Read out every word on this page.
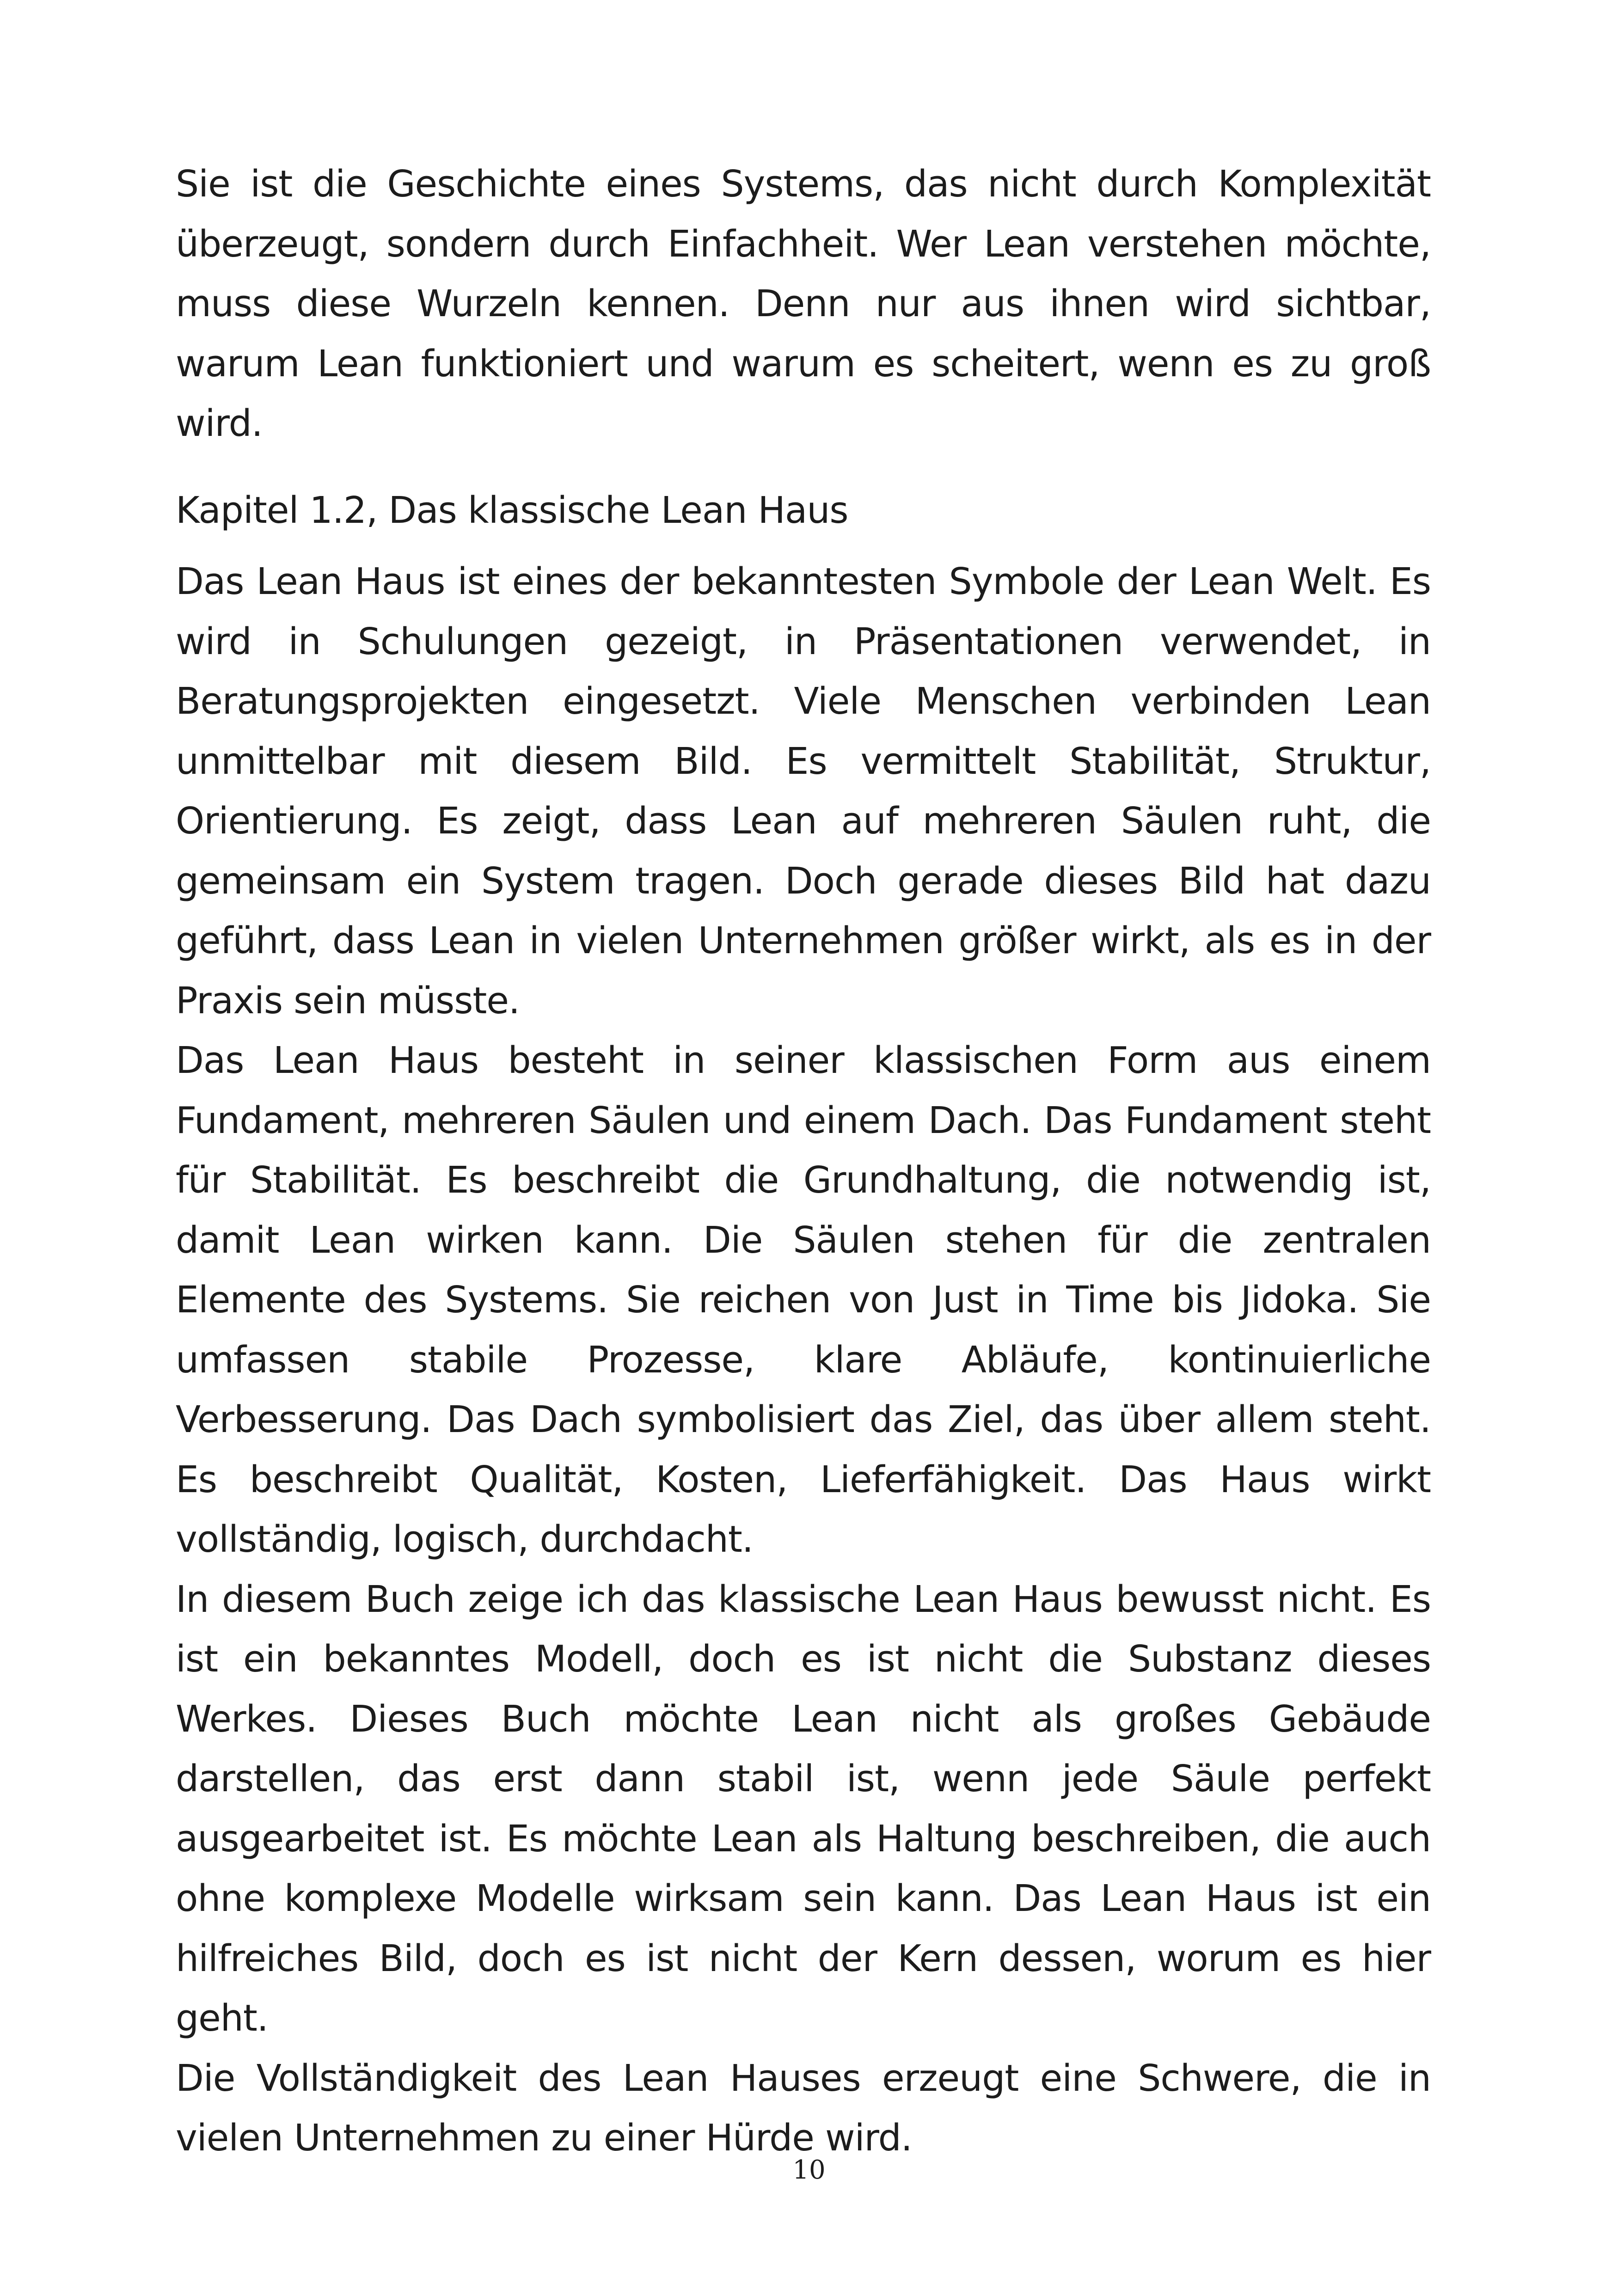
Sie ist die Geschichte eines Systems, das nicht durch Komplexität überzeugt, sondern durch Einfachheit. Wer Lean verstehen möchte, muss diese Wurzeln kennen. Denn nur aus ihnen wird sichtbar, warum Lean funktioniert und warum es scheitert, wenn es zu groß wird.

Kapitel 1.2, Das klassische Lean Haus

Das Lean Haus ist eines der bekanntesten Symbole der Lean Welt. Es wird in Schulungen gezeigt, in Präsentationen verwendet, in Beratungsprojekten eingesetzt. Viele Menschen verbinden Lean unmittelbar mit diesem Bild. Es vermittelt Stabilität, Struktur, Orientierung. Es zeigt, dass Lean auf mehreren Säulen ruht, die gemeinsam ein System tragen. Doch gerade dieses Bild hat dazu geführt, dass Lean in vielen Unternehmen größer wirkt, als es in der Praxis sein müsste.

Das Lean Haus besteht in seiner klassischen Form aus einem Fundament, mehreren Säulen und einem Dach. Das Fundament steht für Stabilität. Es beschreibt die Grundhaltung, die notwendig ist, damit Lean wirken kann. Die Säulen stehen für die zentralen Elemente des Systems. Sie reichen von Just in Time bis Jidoka. Sie umfassen stabile Prozesse, klare Abläufe, kontinuierliche Verbesserung. Das Dach symbolisiert das Ziel, das über allem steht. Es beschreibt Qualität, Kosten, Lieferfähigkeit. Das Haus wirkt vollständig, logisch, durchdacht.

In diesem Buch zeige ich das klassische Lean Haus bewusst nicht. Es ist ein bekanntes Modell, doch es ist nicht die Substanz dieses Werkes. Dieses Buch möchte Lean nicht als großes Gebäude darstellen, das erst dann stabil ist, wenn jede Säule perfekt ausgearbeitet ist. Es möchte Lean als Haltung beschreiben, die auch ohne komplexe Modelle wirksam sein kann. Das Lean Haus ist ein hilfreiches Bild, doch es ist nicht der Kern dessen, worum es hier geht.

Die Vollständigkeit des Lean Hauses erzeugt eine Schwere, die in vielen Unternehmen zu einer Hürde wird.

10
